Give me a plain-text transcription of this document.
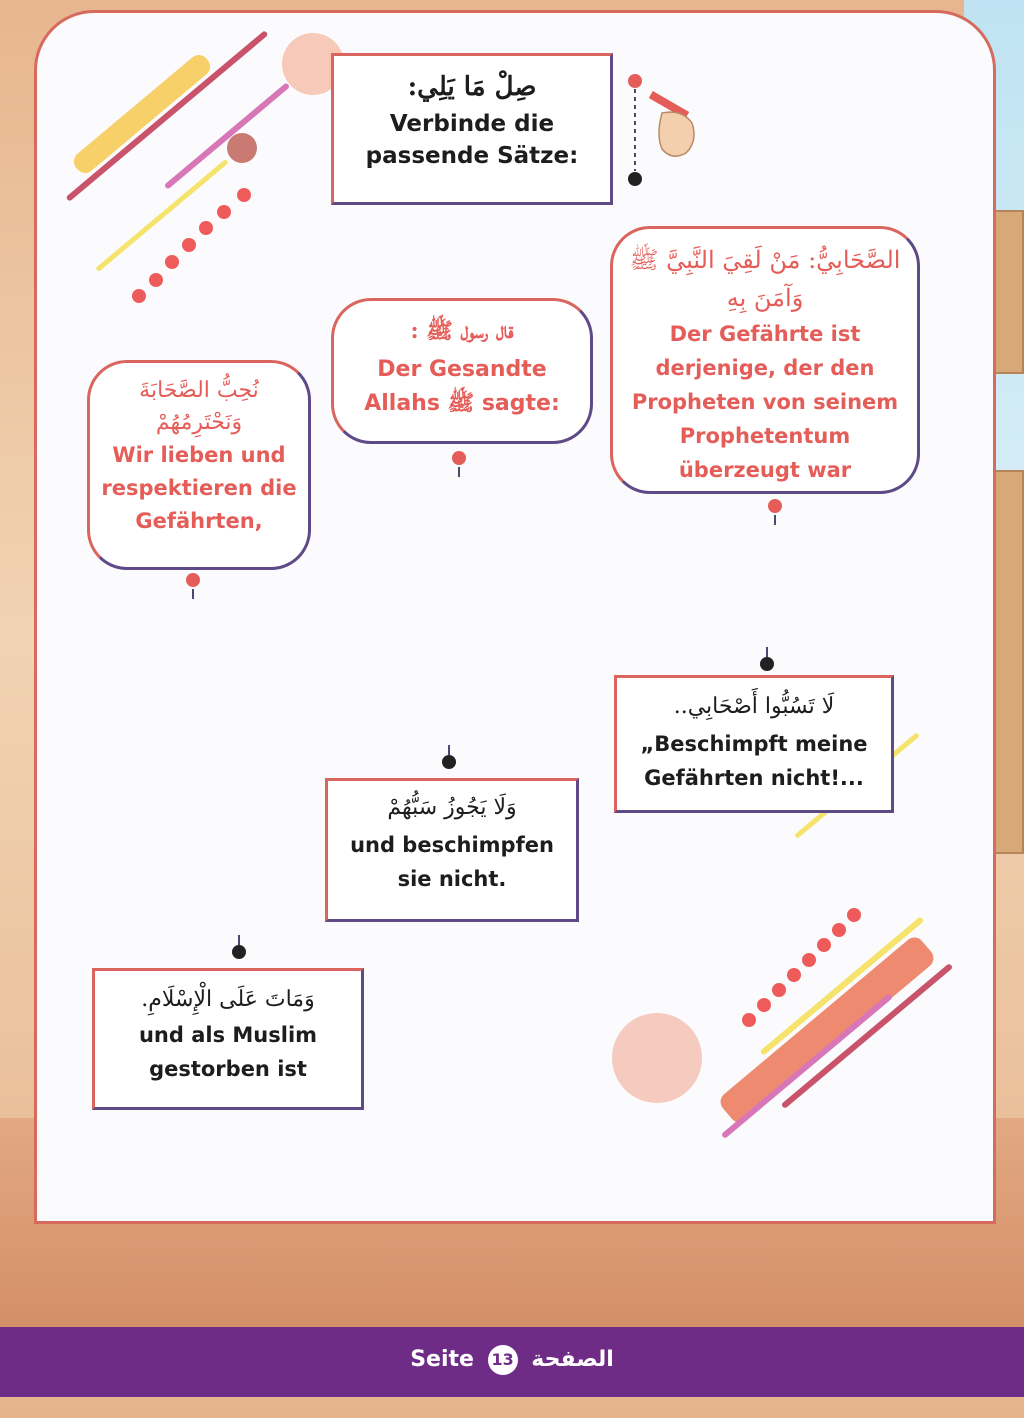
صِلْ مَا يَلِي:
Verbinde die passende Sätze:
الصَّحَابِيُّ: مَنْ لَقِيَ النَّبِيَّ ﷺ وَآمَنَ بِهِ
Der Gefährte ist derjenige, der den Propheten von seinem Prophetentum überzeugt war
قال رسول ﷺ :
Der Gesandte Allahs ﷺ sagte:
نُحِبُّ الصَّحَابَةَ وَنَحْتَرِمُهُمْ
Wir lieben und respektieren die Gefährten,
لَا تَسُبُّوا أَصْحَابِي..
„Beschimpft meine Gefährten nicht!...
وَلَا يَجُوزُ سَبُّهُمْ
und beschimpfen sie nicht.
وَمَاتَ عَلَى الْإِسْلَامِ.
und als Muslim gestorben ist
Seite 13 الصفحة
